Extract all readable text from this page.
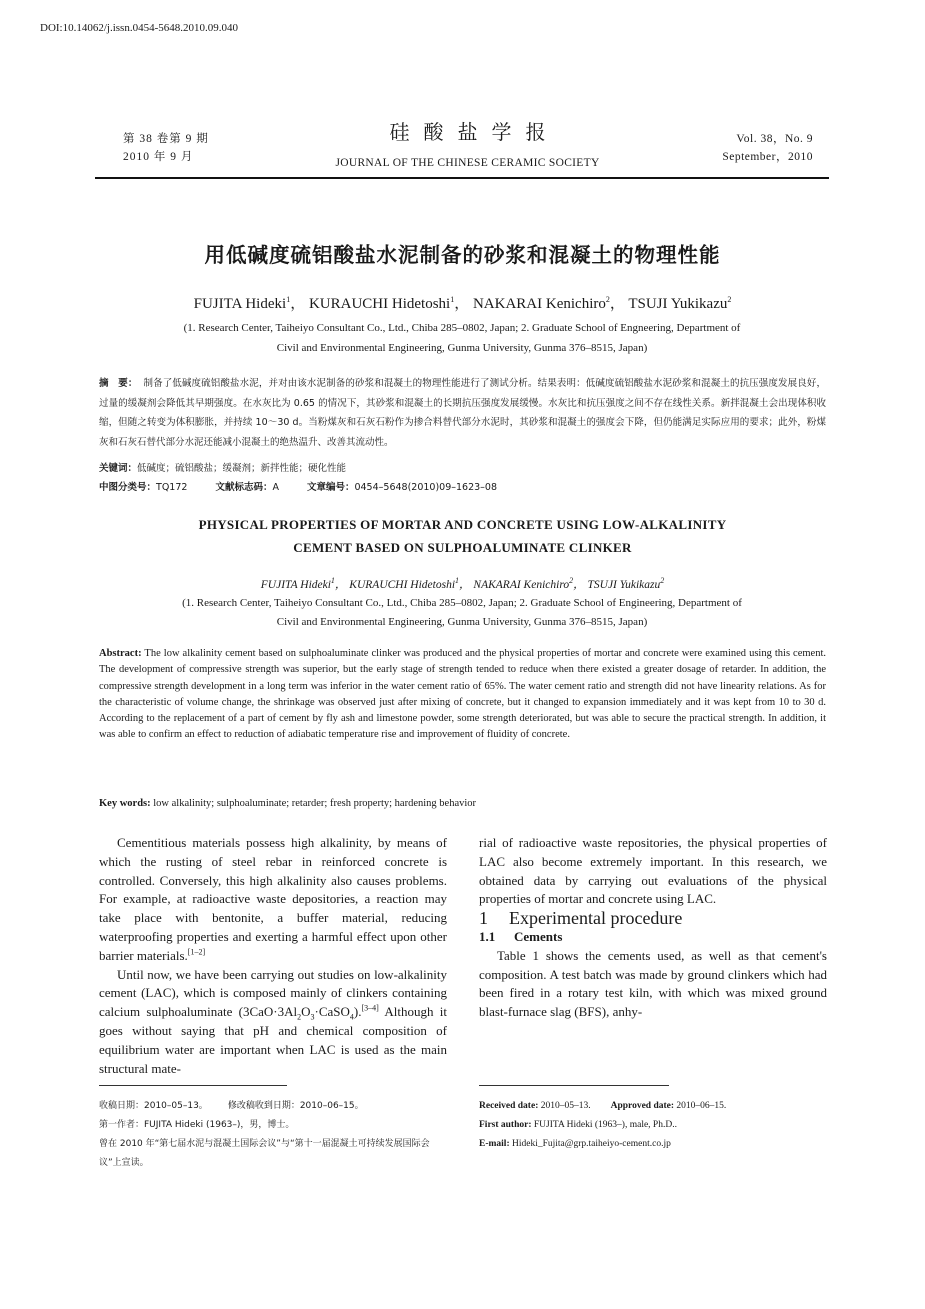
DOI:10.14062/j.issn.0454-5648.2010.09.040
第 38 卷第 9 期
2010 年 9 月
硅酸盐学报
JOURNAL OF THE CHINESE CERAMIC SOCIETY
Vol. 38，No. 9
September，2010
用低碱度硫铝酸盐水泥制备的砂浆和混凝土的物理性能
FUJITA Hideki$^1$， KURAUCHI Hidetoshi$^1$， NAKARAI Kenichiro$^2$， TSUJI Yukikazu$^2$
(1. Research Center, Taiheiyo Consultant Co., Ltd., Chiba 285–0802, Japan; 2. Graduate School of Engneering, Department of
Civil and Environmental Engineering, Gunma University, Gunma 376–8515, Japan)
摘　要： 制备了低碱度硫铝酸盐水泥，并对由该水泥制备的砂浆和混凝土的物理性能进行了测试分析。结果表明：低碱度硫铝酸盐水泥砂浆和混凝土的抗压强度发展良好，过量的缓凝剂会降低其早期强度。在水灰比为 0.65 的情况下，其砂浆和混凝土的长期抗压强度发展缓慢。水灰比和抗压强度之间不存在线性关系。新拌混凝土会出现体积收缩，但随之转变为体积膨胀，并持续 10～30 d。当粉煤灰和石灰石粉作为掺合料替代部分水泥时，其砂浆和混凝土的强度会下降，但仍能满足实际应用的要求；此外，粉煤灰和石灰石替代部分水泥还能减小混凝土的绝热温升、改善其流动性。
关键词：低碱度；硫铝酸盐；缓凝剂；新拌性能；硬化性能
中图分类号：TQ172	文献标志码：A	文章编号：0454–5648(2010)09–1623–08
PHYSICAL PROPERTIES OF MORTAR AND CONCRETE USING LOW-ALKALINITY
CEMENT BASED ON SULPHOALUMINATE CLINKER
FUJITA Hideki$^1$， KURAUCHI Hidetoshi$^1$， NAKARAI Kenichiro$^2$， TSUJI Yukikazu$^2$
(1. Research Center, Taiheiyo Consultant Co., Ltd., Chiba 285–0802, Japan; 2. Graduate School of Engineering, Department of
Civil and Environmental Engineering, Gunma University, Gunma 376–8515, Japan)
Abstract: The low alkalinity cement based on sulphoaluminate clinker was produced and the physical properties of mortar and concrete were examined using this cement. The development of compressive strength was superior, but the early stage of strength tended to reduce when there existed a greater dosage of retarder. In addition, the compressive strength development in a long term was inferior in the water cement ratio of 65%. The water cement ratio and strength did not have linearity relations. As for the characteristic of volume change, the shrinkage was observed just after mixing of concrete, but it changed to expansion immediately and it was kept from 10 to 30 d. According to the replacement of a part of cement by fly ash and limestone powder, some strength deteriorated, but was able to secure the practical strength. In addition, it was able to confirm an effect to reduction of adiabatic temperature rise and improvement of fluidity of concrete.
Key words: low alkalinity; sulphoaluminate; retarder; fresh property; hardening behavior

Cementitious materials possess high alkalinity, by means of which the rusting of steel rebar in reinforced concrete is controlled. Conversely, this high alkalinity also causes problems. For example, at radioactive waste depositories, a reaction may take place with bentonite, a buffer material, reducing waterproofing properties and exerting a harmful effect upon other barrier materials.[1–2]

Until now, we have been carrying out studies on low-alkalinity cement (LAC), which is composed mainly of clinkers containing calcium sulphoaluminate $(3CaO\cdot 3Al_2O_3\cdot CaSO_4).[3-4]$ Although it goes without saying that pH and chemical composition of equilibrium water are important when LAC is used as the main structural mate-

rial of radioactive waste repositories, the physical properties of LAC also become extremely important. In this research, we obtained data by carrying out evaluations of the physical properties of mortar and concrete using LAC.

1 Experimental procedure

1.1 Cements

Table 1 shows the cements used, as well as that cement's composition. A test batch was made by ground clinkers which had been fired in a rotary test kiln, with which was mixed ground blast-furnace slag (BFS), anhy-

收稿日期：2010–05–13。 修改稿收到日期：2010–06–15。
第一作者：FUJITA Hideki (1963–)，男，博士。
曾在 2010 年“第七届水泥与混凝土国际会议”与“第十一届混凝土可持续发展国际会议”上宣读。
Received date: 2010–05–13. Approved date: 2010–06–15.
First author: FUJITA Hideki (1963–), male, Ph.D..
E-mail: Hideki_Fujita@grp.taiheiyo-cement.co.jp
